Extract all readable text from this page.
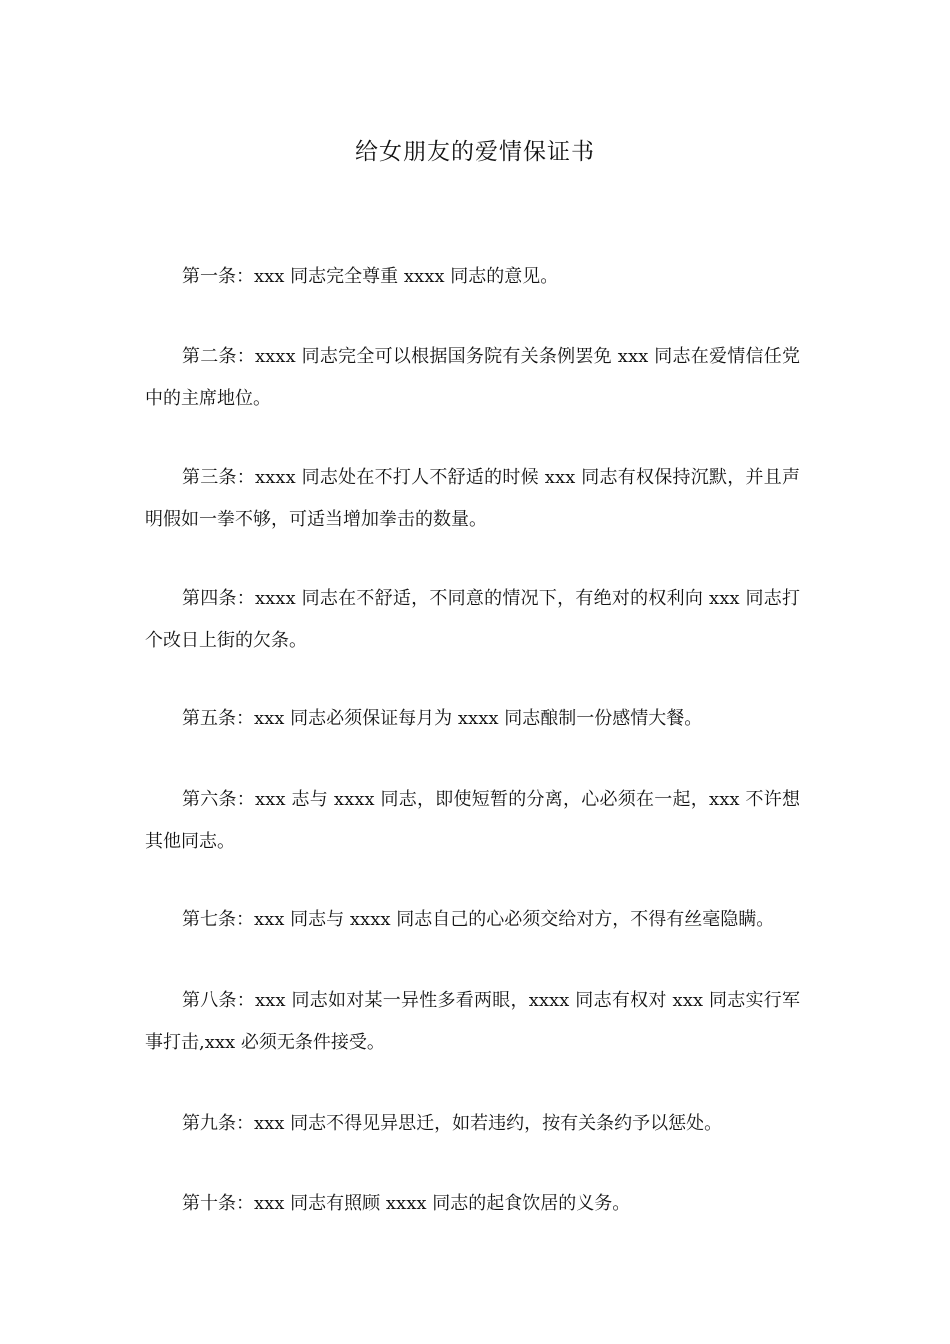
给女朋友的爱情保证书

第一条：xxx 同志完全尊重 xxxx 同志的意见。

第二条：xxxx 同志完全可以根据国务院有关条例罢免 xxx 同志在爱情信任党中的主席地位。

第三条：xxxx 同志处在不打人不舒适的时候 xxx 同志有权保持沉默，并且声明假如一拳不够，可适当增加拳击的数量。

第四条：xxxx 同志在不舒适，不同意的情况下，有绝对的权利向 xxx 同志打个改日上街的欠条。

第五条：xxx 同志必须保证每月为 xxxx 同志酿制一份感情大餐。

第六条：xxx 志与 xxxx 同志，即使短暂的分离，心必须在一起，xxx 不许想其他同志。

第七条：xxx 同志与 xxxx 同志自己的心必须交给对方，不得有丝毫隐瞒。

第八条：xxx 同志如对某一异性多看两眼，xxxx 同志有权对 xxx 同志实行军事打击,xxx 必须无条件接受。

第九条：xxx 同志不得见异思迁，如若违约，按有关条约予以惩处。

第十条：xxx 同志有照顾 xxxx 同志的起食饮居的义务。
